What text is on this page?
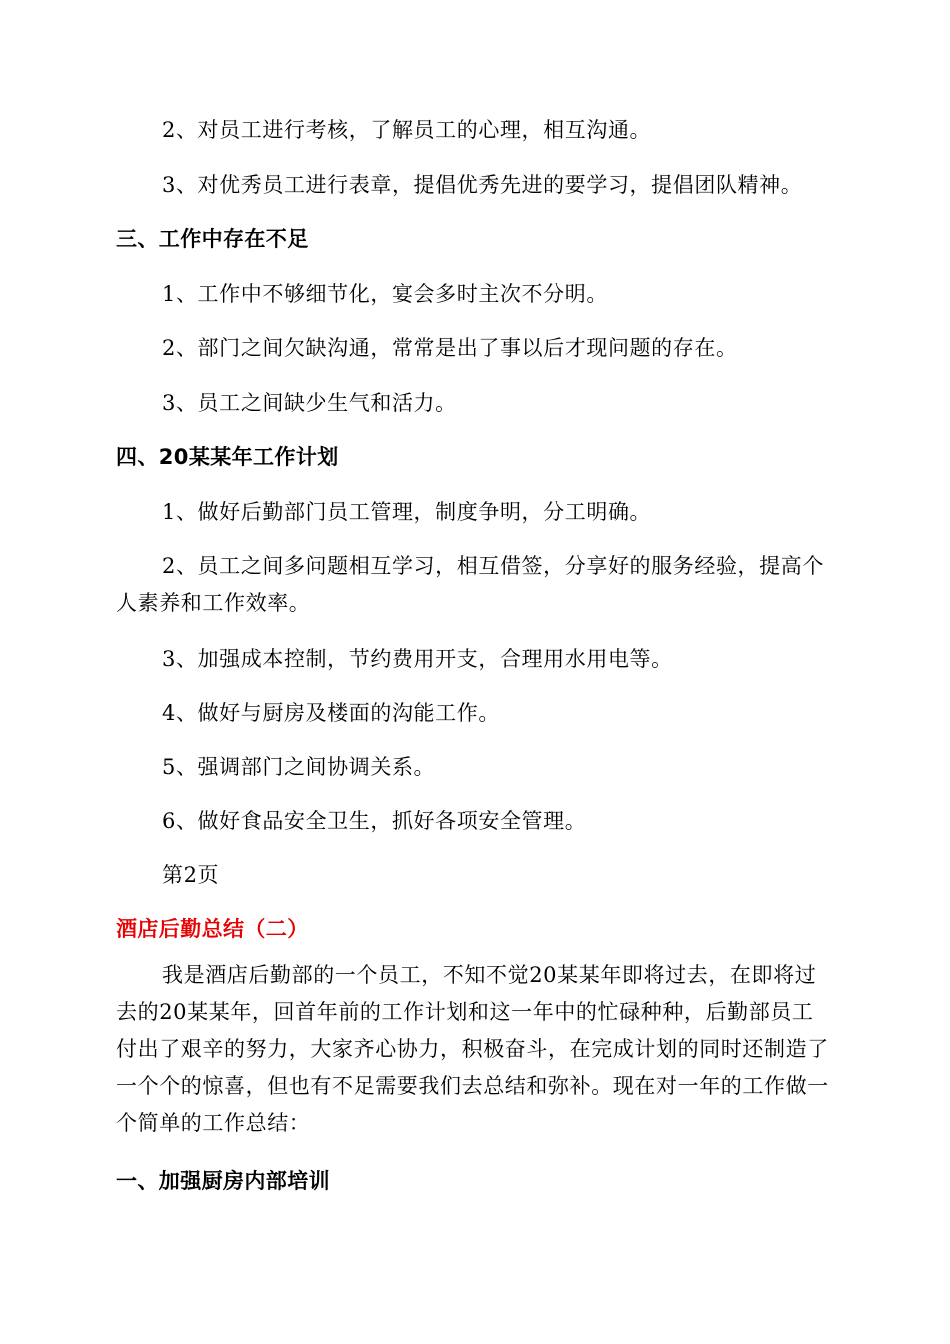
2、对员工进行考核，了解员工的心理，相互沟通。
3、对优秀员工进行表章，提倡优秀先进的要学习，提倡团队精神。
三、工作中存在不足
1、工作中不够细节化，宴会多时主次不分明。
2、部门之间欠缺沟通，常常是出了事以后才现问题的存在。
3、员工之间缺少生气和活力。
四、20某某年工作计划
1、做好后勤部门员工管理，制度争明，分工明确。
2、员工之间多问题相互学习，相互借签，分享好的服务经验，提高个人素养和工作效率。
3、加强成本控制，节约费用开支，合理用水用电等。
4、做好与厨房及楼面的沟能工作。
5、强调部门之间协调关系。
6、做好食品安全卫生，抓好各项安全管理。
第2页
酒店后勤总结（二）
我是酒店后勤部的一个员工，不知不觉20某某年即将过去，在即将过去的20某某年，回首年前的工作计划和这一年中的忙碌种种，后勤部员工付出了艰辛的努力，大家齐心协力，积极奋斗，在完成计划的同时还制造了一个个的惊喜，但也有不足需要我们去总结和弥补。现在对一年的工作做一个简单的工作总结：
一、加强厨房内部培训
